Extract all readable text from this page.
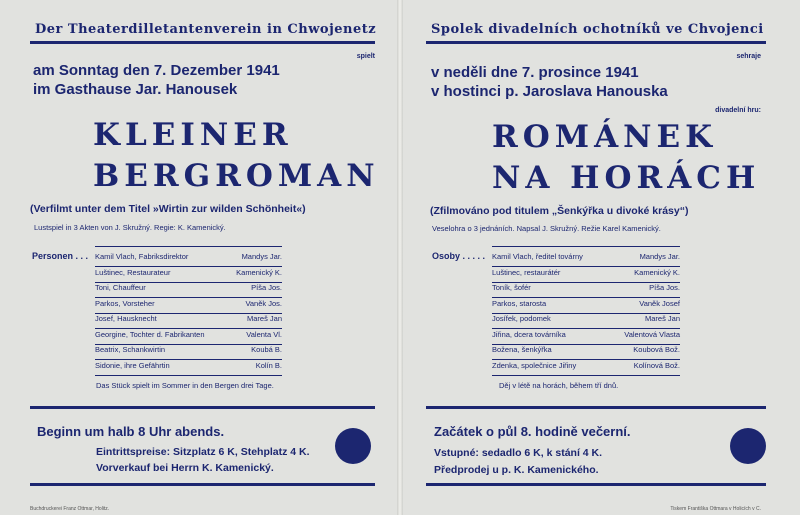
Der Theaterdilletantenverein in Chwojenetz
spielt
am Sonntag den 7. Dezember 1941
im Gasthause Jar. Hanousek
KLEINER
BERGROMAN
(Verfilmt unter dem Titel »Wirtin zur wilden Schönheit«)
Lustspiel in 3 Akten von J. Skružný. Regie: K. Kamenický.
Personen . . . Kamil Vlach, Fabriksdirektor	Mandys Jar.
Luštinec, Restaurateur	Kamenický K.
Toni, Chauffeur	Píša Jos.
Parkos, Vorsteher	Vaněk Jos.
Josef, Hausknecht	Mareš Jan
Georgine, Tochter d. Fabrikanten	Valenta Vl.
Beatrix, Schankwirtin	Koubá B.
Sidonie, ihre Gefährtin	Kolín B.
Das Stück spielt im Sommer in den Bergen drei Tage.
Beginn um halb 8 Uhr abends.
Eintrittspreise: Sitzplatz 6 K, Stehplatz 4 K.
Vorverkauf bei Herrn K. Kamenický.
Buchdruckerei Franz Ottmar, Holitz.
Spolek divadelních ochotníků ve Chvojenci
sehraje
v neděli dne 7. prosince 1941
v hostinci p. Jaroslava Hanouska
divadelní hru:
ROMÁNEK
NA HORÁCH
(Zfilmováno pod titulem „Šenkýřka u divoké krásy“)
Veselohra o 3 jednáních. Napsal J. Skružný. Režie Karel Kamenický.
Osoby . . . . . Kamil Vlach, ředitel továrny	Mandys Jar.
Luštinec, restaurátér	Kamenický K.
Toník, šofér	Píša Jos.
Parkos, starosta	Vaněk Josef
Josífek, podomek	Mareš Jan
Jiřina, dcera továrníka	Valentová Vlasta
Božena, šenkýřka	Koubová Bož.
Zdenka, společnice Jiřiny	Kolínová Bož.
Děj v létě na horách, během tří dnů.
Začátek o půl 8. hodině večerní.
Vstupné: sedadlo 6 K, k stání 4 K.
Předprodej u p. K. Kamenického.
Tiskem Františka Ottmara v Holicích v C.
